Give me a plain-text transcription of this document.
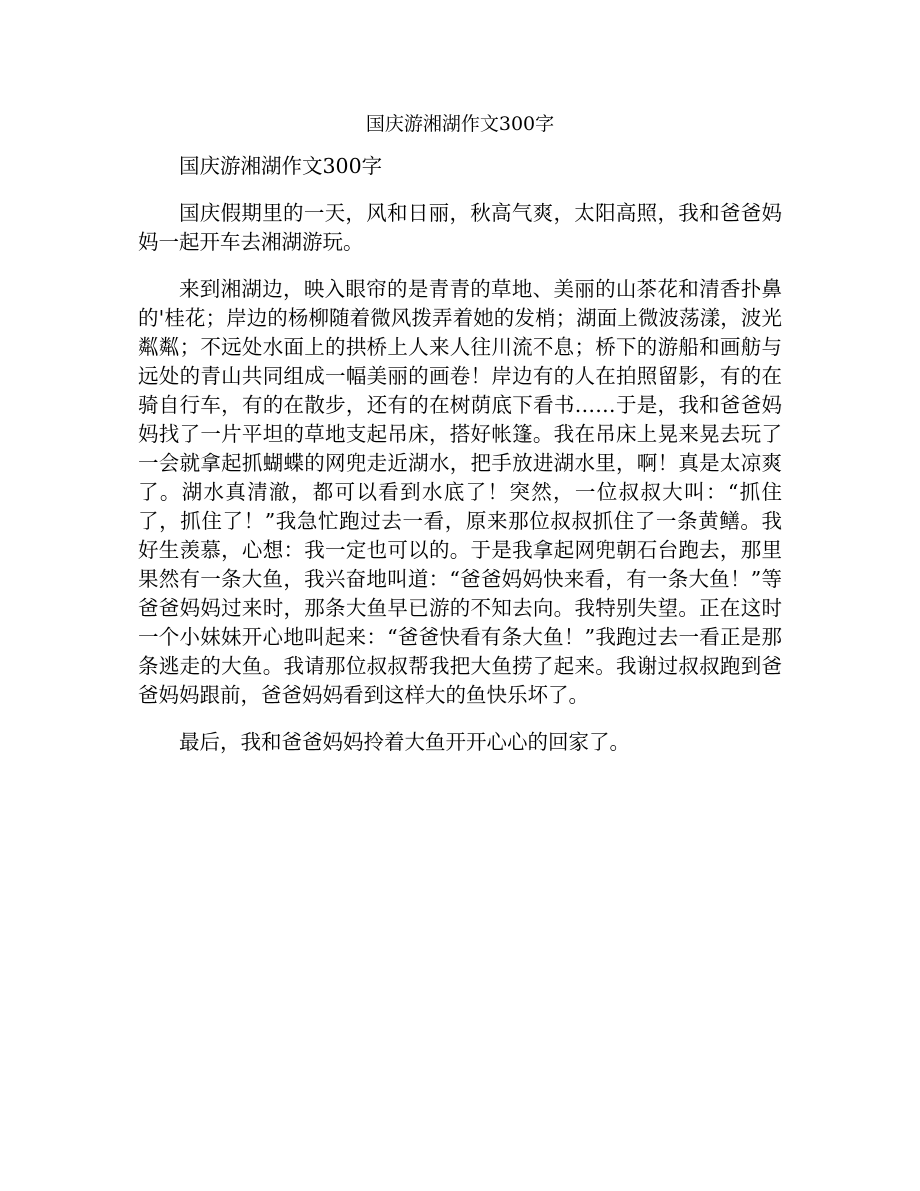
国庆游湘湖作文300字

国庆游湘湖作文300字

国庆假期里的一天，风和日丽，秋高气爽，太阳高照，我和爸爸妈妈一起开车去湘湖游玩。

来到湘湖边，映入眼帘的是青青的草地、美丽的山茶花和清香扑鼻的'桂花；岸边的杨柳随着微风拨弄着她的发梢；湖面上微波荡漾，波光粼粼；不远处水面上的拱桥上人来人往川流不息；桥下的游船和画舫与远处的青山共同组成一幅美丽的画卷！岸边有的人在拍照留影，有的在骑自行车，有的在散步，还有的在树荫底下看书……于是，我和爸爸妈妈找了一片平坦的草地支起吊床，搭好帐篷。我在吊床上晃来晃去玩了一会就拿起抓蝴蝶的网兜走近湖水，把手放进湖水里，啊！真是太凉爽了。湖水真清澈，都可以看到水底了！突然，一位叔叔大叫：“抓住了，抓住了！”我急忙跑过去一看，原来那位叔叔抓住了一条黄鳝。我好生羡慕，心想：我一定也可以的。于是我拿起网兜朝石台跑去，那里果然有一条大鱼，我兴奋地叫道：“爸爸妈妈快来看，有一条大鱼！”等爸爸妈妈过来时，那条大鱼早已游的不知去向。我特别失望。正在这时一个小妹妹开心地叫起来：“爸爸快看有条大鱼！”我跑过去一看正是那条逃走的大鱼。我请那位叔叔帮我把大鱼捞了起来。我谢过叔叔跑到爸爸妈妈跟前，爸爸妈妈看到这样大的鱼快乐坏了。

最后，我和爸爸妈妈拎着大鱼开开心心的回家了。
